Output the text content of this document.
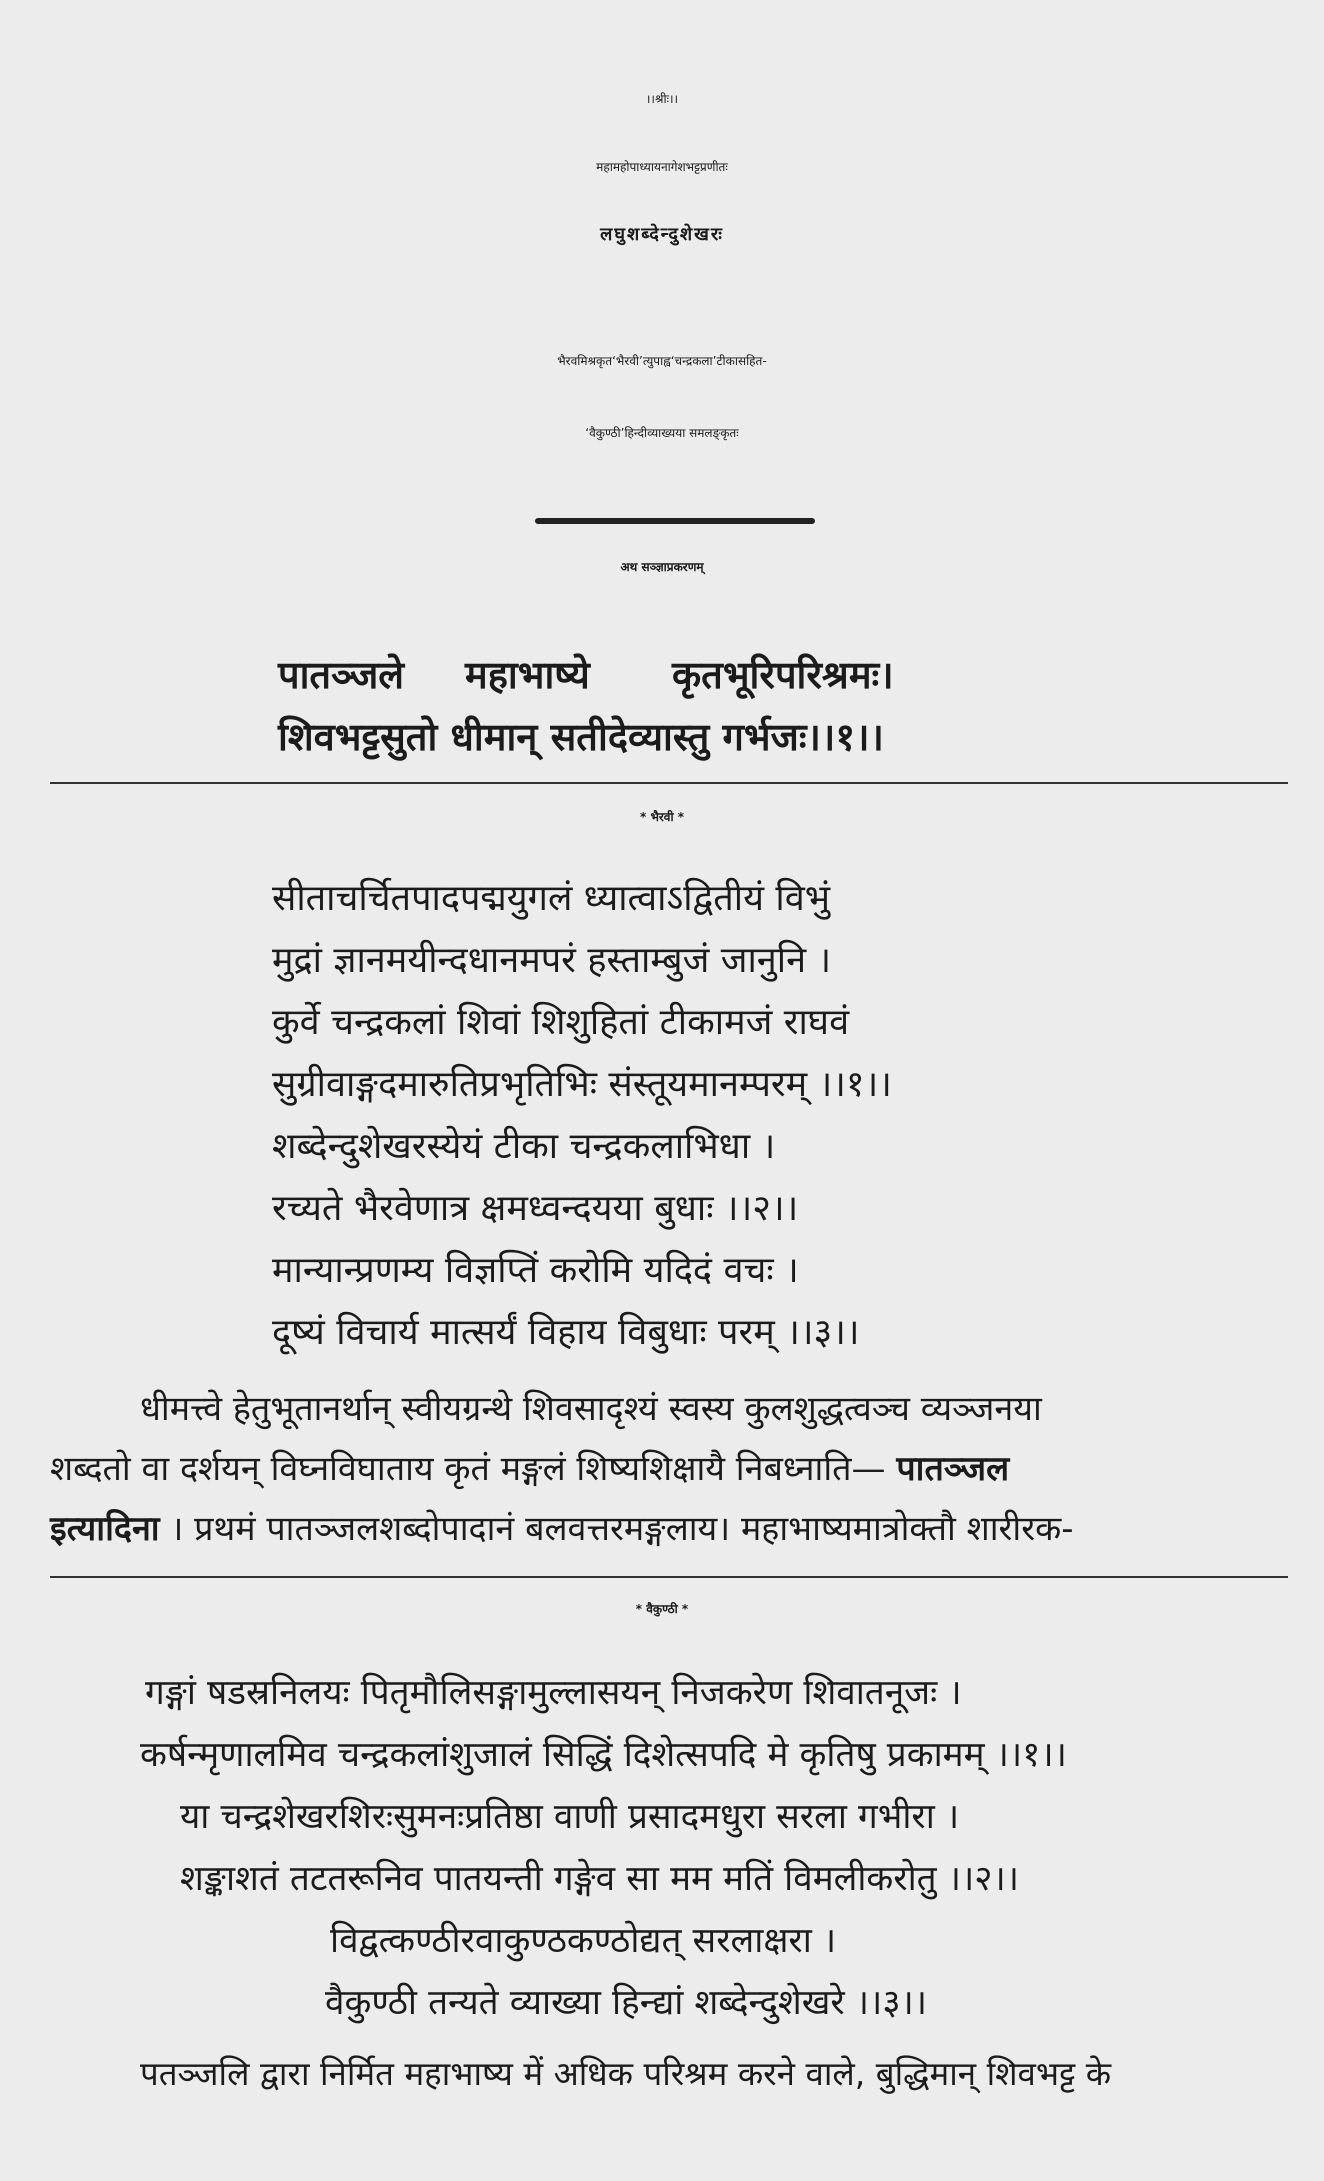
।।श्रीः।।
महामहोपाध्यायनागेशभट्टप्रणीतः
लघुशब्देन्दुशेखरः
भैरवमिश्रकृत‘भैरवी’त्युपाह्व‘चन्द्रकला’टीकासहित-
‘वैकुण्ठी’हिन्दीव्याख्यया समलङ्कृतः
अथ सञ्ज्ञाप्रकरणम्
पातञ्जले महाभाष्ये कृतभूरिपरिश्रमः।
शिवभट्टसुतो धीमान् सतीदेव्यास्तु गर्भजः।।१।।
* भैरवी *
सीताचर्चितपादपद्मयुगलं ध्यात्वाऽद्वितीयं विभुं
मुद्रां ज्ञानमयीन्दधानमपरं हस्ताम्बुजं जानुनि ।
कुर्वे चन्द्रकलां शिवां शिशुहितां टीकामजं राघवं
सुग्रीवाङ्गदमारुतिप्रभृतिभिः संस्तूयमानम्परम् ।।१।।
शब्देन्दुशेखरस्येयं टीका चन्द्रकलाभिधा ।
रच्यते भैरवेणात्र क्षमध्वन्दयया बुधाः ।।२।।
मान्यान्प्रणम्य विज्ञप्तिं करोमि यदिदं वचः ।
दूष्यं विचार्य मात्सर्यं विहाय विबुधाः परम् ।।३।।
धीमत्त्वे हेतुभूतानर्थान् स्वीयग्रन्थे शिवसादृश्यं स्वस्य कुलशुद्धत्वञ्च व्यञ्जनया
शब्दतो वा दर्शयन् विघ्नविघाताय कृतं मङ्गलं शिष्यशिक्षायै निबध्नाति— पातञ्जल
इत्यादिना । प्रथमं पातञ्जलशब्दोपादानं बलवत्तरमङ्गलाय। महाभाष्यमात्रोक्तौ शारीरक-
* वैकुण्ठी *
गङ्गां षडस्रनिलयः पितृमौलिसङ्गामुल्लासयन् निजकरेण शिवातनूजः ।
कर्षन्मृणालमिव चन्द्रकलांशुजालं सिद्धिं दिशेत्सपदि मे कृतिषु प्रकामम् ।।१।।
या चन्द्रशेखरशिरःसुमनःप्रतिष्ठा वाणी प्रसादमधुरा सरला गभीरा ।
शङ्काशतं तटतरूनिव पातयन्ती गङ्गेव सा मम मतिं विमलीकरोतु ।।२।।
विद्वत्कण्ठीरवाकुण्ठकण्ठोद्यत् सरलाक्षरा ।
वैकुण्ठी तन्यते व्याख्या हिन्द्यां शब्देन्दुशेखरे ।।३।।
पतञ्जलि द्वारा निर्मित महाभाष्य में अधिक परिश्रम करने वाले, बुद्धिमान् शिवभट्ट के
